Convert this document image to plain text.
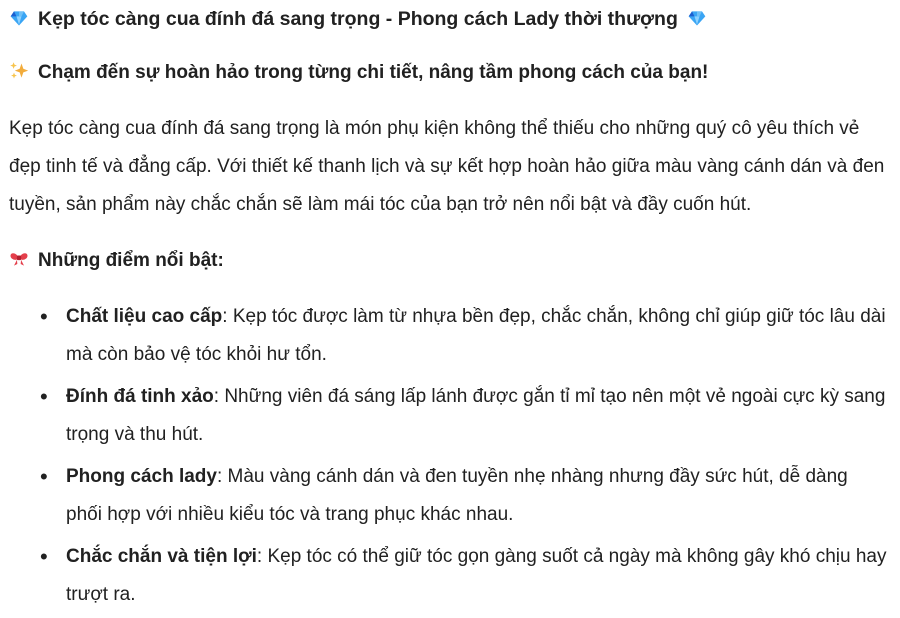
Kẹp tóc càng cua đính đá sang trọng - Phong cách Lady thời thượng

Chạm đến sự hoàn hảo trong từng chi tiết, nâng tầm phong cách của bạn!

Kẹp tóc càng cua đính đá sang trọng là món phụ kiện không thể thiếu cho những quý cô yêu thích vẻ đẹp tinh tế và đẳng cấp. Với thiết kế thanh lịch và sự kết hợp hoàn hảo giữa màu vàng cánh dán và đen tuyền, sản phẩm này chắc chắn sẽ làm mái tóc của bạn trở nên nổi bật và đầy cuốn hút.

Những điểm nổi bật:

• Chất liệu cao cấp: Kẹp tóc được làm từ nhựa bền đẹp, chắc chắn, không chỉ giúp giữ tóc lâu dài mà còn bảo vệ tóc khỏi hư tổn.
• Đính đá tinh xảo: Những viên đá sáng lấp lánh được gắn tỉ mỉ tạo nên một vẻ ngoài cực kỳ sang trọng và thu hút.
• Phong cách lady: Màu vàng cánh dán và đen tuyền nhẹ nhàng nhưng đầy sức hút, dễ dàng phối hợp với nhiều kiểu tóc và trang phục khác nhau.
• Chắc chắn và tiện lợi: Kẹp tóc có thể giữ tóc gọn gàng suốt cả ngày mà không gây khó chịu hay trượt ra.
